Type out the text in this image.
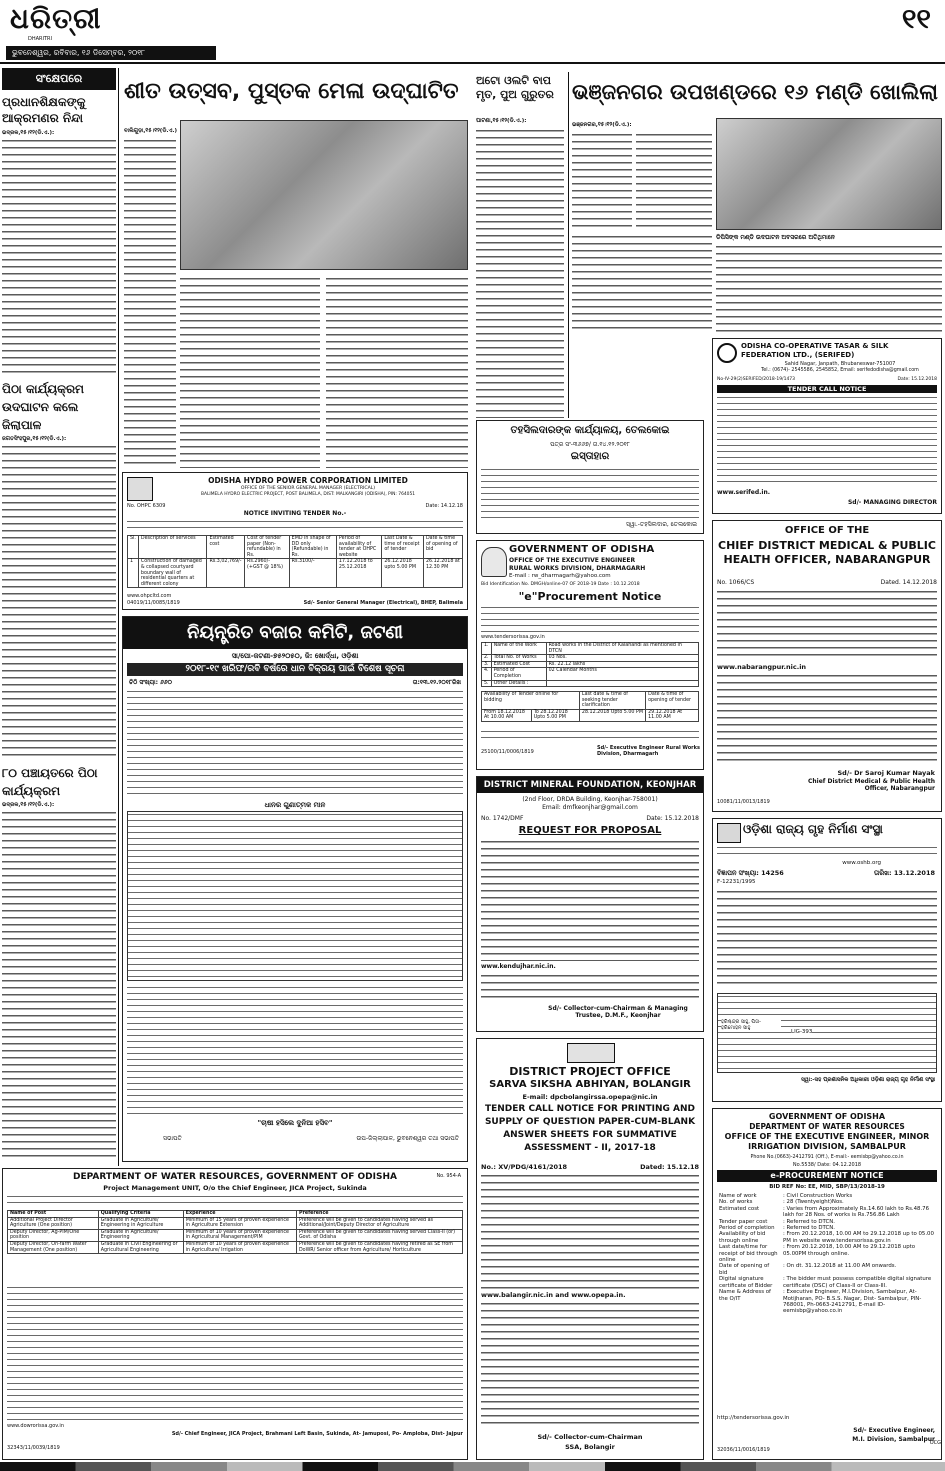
ଧରିତ୍ରୀ
DHARITRI
ଭୁବନେଶ୍ୱର, ରବିବାର, ୧୬ ଡିସେମ୍ବର, ୨୦୧୮
୧୧
ସଂକ୍ଷେପରେ
ପ୍ରଧାନଶିକ୍ଷକଙ୍କୁ ଆକ୍ରମଣର ନିନ୍ଦା
ଭଦ୍ରକ,୧୫।୧୨(ଡି.ଏ.):
ପିଠା କାର୍ଯ୍ୟକ୍ରମ ଉଦଘାଟନ କଲେ ଜିଲାପାଳ
ଜଗତସିଂହପୁର,୧୫।୧୨(ଡି.ଏ.):
୮୦ ପଞ୍ଚାୟତରେ ପିଠା କାର୍ଯ୍ୟକ୍ରମ
ଭଦ୍ରକ,୧୫।୧୨(ଡି.ଏ.):
ଶୀତ ଉତ୍ସବ, ପୁସ୍ତକ ମେଳା ଉଦ୍‌ଘାଟିତ
ବାଲିଗୁଡ଼ା,୧୫।୧୨(ଡି.ଏ.)
ଅଟୋ ଓଲଟି ବାପ ମୃତ, ପୁଅ ଗୁରୁତର
ପାଟଣା,୧୫।୧୨(ଡି.ଏ.):
ଭଞ୍ଜନଗର ଉପଖଣ୍ଡରେ ୧୬ ମଣ୍ଡି ଖୋଲିଲା
ଭଞ୍ଜନଗର,୧୫।୧୨(ଡି.ଏ.):
ଡିପିସିଙ୍କ ମଣ୍ଡି ଉଦଘାଟନ ଅବସରରେ ଅତିଥିମାନେ
ତହସିଲଦାରଙ୍କ କାର୍ଯ୍ୟାଳୟ, ତେଲକୋଇ
ପତ୍ର ସଂ-୩୬୬୭/ ତା.୧୪.୧୨.୨୦୧୮
ଇସ୍ତାହାର
ସ୍ୱା.-ତହସିଲଦାର, ତେଲକୋଇ
ODISHA CO-OPERATIVE TASAR & SILK FEDERATION LTD., (SERIFED)
Sahid Nagar, Janpath, Bhubaneswar-751007
Tel.: (0674)- 2545586, 2545852, Email: serifedodisha@gmail.com
No-IV-29(2)SERIFED/2018-19/1473	Date: 15.12.2018
TENDER CALL NOTICE
www.serifed.in.
Sd/- MANAGING DIRECTOR
ODISHA HYDRO POWER CORPORATION LIMITED
OFFICE OF THE SENIOR GENERAL MANAGER (ELECTRICAL)
BALIMELA HYDRO ELECTRIC PROJECT, POST BALIMELA, DIST: MALKANGIRI (ODISHA), PIN: 764051
No. OHPC 6309	Date: 14.12.18
NOTICE INVITING TENDER No.-
Sl.	Description of services	Estimated cost	Cost of tender paper (Non-refundable) in Rs.	EMD in shape of DD only (Refundable) in Rs.	Period of availability of tender at OHPC website	Last Date & time of receipt of tender	Date & time of opening of bid
1	Construction of damaged & collapsed courtyard boundary wall of residential quarters at different colony	Rs.3,02,769/-	Rs.2960/- (+GST @ 18%)	Rs.3100/-	17.12.2018 to 25.12.2018	26.12.2018 upto 5.00 PM	26.12.2018 at 12.30 PM
www.ohpcltd.com
04019/11/0085/1819	Sd/- Senior General Manager (Electrical), BHEP, Balimela
ନିୟନ୍ତ୍ରିତ ବଜାର କମିଟି, ଜଟଣୀ
ସା/ପୋ-ଜଟଣୀ-୭୫୨୦୫୦, ଜି: ଖୋର୍ଦ୍ଧା, ଓଡ଼ିଶା
୨୦୧୮-୧୯ ଖରିଫ/ରବି ବର୍ଷରେ ଧାନ ବିକ୍ରୟ ପାଇଁ ବିଶେଷ ସୂଚନା
ଚିଠି ସଂଖ୍ୟା: ୬୬୦	ତା:୧୩.୧୨.୨୦୧୮ରିଖ
ଧାନର ଗୁଣାତ୍ମକ ମାନ
"ଚାଷୀ ହସିଲେ ଦୁନିଆ ହସିବ"
ସଭାପତି	ଉପ-ଜିଲ୍ଲାପାଳ, ଭୁବନେଶ୍ୱର ତଥା ସଭାପତି
GOVERNMENT OF ODISHA
OFFICE OF THE EXECUTIVE ENGINEER
RURAL WORKS DIVISION, DHARMAGARH
E-mail : rw_dharmagarh@yahoo.com
Bid Identification No. DMGH/online-07 OF 2018-19 Date : 10.12.2018
"e"Procurement Notice
www.tendersorissa.gov.in
1.	Name of the Work	Road works in the District of Kalahandi as mentioned in DTCN
2.	Total No. of Works	03 Nos.
3.	Estimated Cost	Rs. 22.12 lakhs
4.	Period of Completion	02 Calendar Months
5.	Other Details :	
Availability of Tender online for bidding		Last date & time of seeking tender clarification	Date & time of opening of tender
From 18.12.2018 At 10.00 AM	To 28.12.2018 Upto 5.00 PM	28.12.2018 Upto 5.00 PM	29.12.2018 At 11.00 AM
25100/11/0006/1819
Sd/- Executive Engineer Rural Works Division, Dharmagarh
DISTRICT MINERAL FOUNDATION, KEONJHAR
(2nd Floor, DRDA Building, Keonjhar-758001)
Email: dmfkeonjhar@gmail.com
No. 1742/DMF	Date: 15.12.2018
REQUEST FOR PROPOSAL
www.kendujhar.nic.in.
Sd/- Collector-cum-Chairman & Managing Trustee, D.M.F., Keonjhar
OFFICE OF THE
CHIEF DISTRICT MEDICAL & PUBLIC HEALTH OFFICER, NABARANGPUR
No. 1066/CS	Dated. 14.12.2018
www.nabarangpur.nic.in
Sd/- Dr Saroj Kumar Nayak
Chief District Medical & Public Health Officer, Nabarangpur
10081/11/0013/1819
ଓଡ଼ିଶା ରାଜ୍ୟ ଗୃହ ନିର୍ମାଣ ସଂସ୍ଥା
www.oshb.org
ବିଜ୍ଞାପନ ସଂଖ୍ୟା: 14256	ତାରିଖ: 13.12.2018
F-12231/1995
ହରିଶ୍ଚନ୍ଦ୍ର ସାହୁ, ପିତା-ହରିମୋହନ ସାହୁ
LIG-393
ସ୍ୱା:-ସହ ପ୍ରଶାସନିକ ଅଧିକାରୀ ଓଡ଼ିଶା ରାଜ୍ୟ ଗୃହ ନିର୍ମାଣ ସଂସ୍ଥା
DISTRICT PROJECT OFFICE
SARVA SIKSHA ABHIYAN, BOLANGIR
E-mail: dpcbolangirssa.opepa@nic.in
TENDER CALL NOTICE FOR PRINTING AND SUPPLY OF QUESTION PAPER-CUM-BLANK ANSWER SHEETS FOR SUMMATIVE ASSESSMENT - II, 2017-18
No.: XV/PDG/4161/2018	Dated: 15.12.18
www.balangir.nic.in and www.opepa.in.
Sd/- Collector-cum-Chairman
SSA, Bolangir
GOVERNMENT OF ODISHA
DEPARTMENT OF WATER RESOURCES
OFFICE OF THE EXECUTIVE ENGINEER, MINOR IRRIGATION DIVISION, SAMBALPUR
Phone No.(0663)-2412791 (Off.), E-mail:- eemisbp@yahoo.co.in
No.5538/ Date: 04.12.2018
e-PROCUREMENT NOTICE
BID REF No: EE, MID, SBP/13/2018-19
Name of work	: Civil Construction Works
No. of works	: 28 (Twentyeight)Nos.
Estimated cost	: Varies from Approximately Rs.14.60 lakh to Rs.48.76 lakh for 28 Nos. of works is Rs.756.86 Lakh
Tender paper cost	: Referred to DTCN.
Period of completion	: Referred to DTCN.
Availability of bid through online	: From 20.12.2018, 10.00 AM to 29.12.2018 up to 05.00 PM in website www.tendersorissa.gov.in
Last date/time for receipt of bid through online	: From 20.12.2018, 10.00 AM to 29.12.2018 upto 05.00PM through online.
Date of opening of bid	: On dt. 31.12.2018 at 11.00 AM onwards.
Digital signature certificate of Bidder	: The bidder must possess compatible digital signature certificate (DSC) of Class-II or Class-III.
Name & Address of the O/IT	: Executive Engineer, M.I.Division, Sambalpur, At- Motijharan, PO- B.S.S. Nagar, Dist- Sambalpur, PIN-768001, Ph-0663-2412791, E-mail ID- eemisbp@yahoo.co.in
http://tendersorissa.gov.in
Sd/- Executive Engineer,
M.I. Division, Sambalpur
32036/11/0016/1819
DEPARTMENT OF WATER RESOURCES, GOVERNMENT OF ODISHA
Project Management UNIT, O/o the Chief Engineer, JICA Project, Sukinda
No. 954-A
Name of Post	Qualifying Criteria	Experience	Preference
Additional Project Director Agriculture (One position)	Graduate in Agriculture/ Engineering in Agriculture	Minimum of 15 years of proven experience in Agriculture Extension	Preference will be given to candidates having served as Additional/Joint/Deputy Director of Agriculture
Deputy Director, Ag-PIM/One position	Graduate in Agriculture/ Engineering	Minimum of 10 years of proven experience in Agricultural Management/PIM	Preference will be given to candidates having served Class-II (or) Govt. of Odisha
Deputy Director, On-farm Water Management (One position)	Graduate in Civil Engineering or Agricultural Engineering	Minimum of 10 years of proven experience in Agriculture/ Irrigation	Preference will be given to candidates having retired as SE from DoWR/ Senior officer from Agriculture/ Horticulture
www.dowrorissa.gov.in
32343/11/0039/1819
Sd/- Chief Engineer, JICA Project, Brahmani Left Basin, Sukinda, At- Jamuposi, Po- Amploba, Dist- Jajpur
OCG
